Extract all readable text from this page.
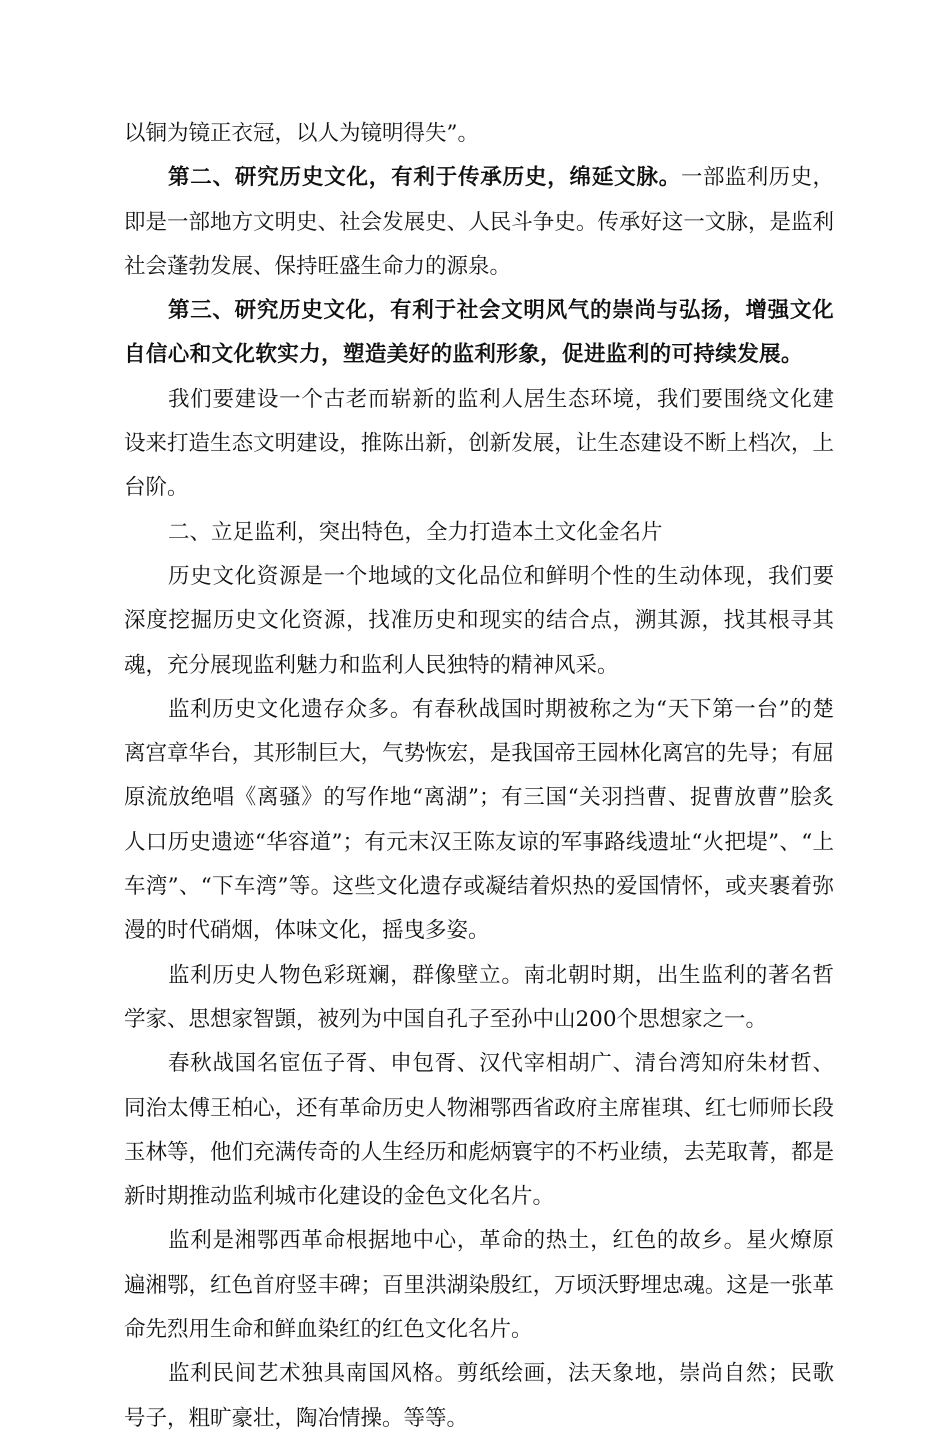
以铜为镜正衣冠，以人为镜明得失”。

第二、研究历史文化，有利于传承历史，绵延文脉。一部监利历史，即是一部地方文明史、社会发展史、人民斗争史。传承好这一文脉，是监利社会蓬勃发展、保持旺盛生命力的源泉。

第三、研究历史文化，有利于社会文明风气的崇尚与弘扬，增强文化自信心和文化软实力，塑造美好的监利形象，促进监利的可持续发展。

我们要建设一个古老而崭新的监利人居生态环境，我们要围绕文化建设来打造生态文明建设，推陈出新，创新发展，让生态建设不断上档次，上台阶。

二、立足监利，突出特色，全力打造本土文化金名片

历史文化资源是一个地域的文化品位和鲜明个性的生动体现，我们要深度挖掘历史文化资源，找准历史和现实的结合点，溯其源，找其根寻其魂，充分展现监利魅力和监利人民独特的精神风采。

监利历史文化遗存众多。有春秋战国时期被称之为“天下第一台”的楚离宫章华台，其形制巨大，气势恢宏，是我国帝王园林化离宫的先导；有屈原流放绝唱《离骚》的写作地“离湖”；有三国“关羽挡曹、捉曹放曹”脍炙人口历史遗迹“华容道”；有元末汉王陈友谅的军事路线遗址“火把堤”、“上车湾”、“下车湾”等。这些文化遗存或凝结着炽热的爱国情怀，或夹裹着弥漫的时代硝烟，体味文化，摇曳多姿。

监利历史人物色彩斑斓，群像壁立。南北朝时期，出生监利的著名哲学家、思想家智顗，被列为中国自孔子至孙中山200个思想家之一。

春秋战国名宦伍子胥、申包胥、汉代宰相胡广、清台湾知府朱材哲、同治太傅王柏心，还有革命历史人物湘鄂西省政府主席崔琪、红七师师长段玉林等，他们充满传奇的人生经历和彪炳寰宇的不朽业绩，去芜取菁，都是新时期推动监利城市化建设的金色文化名片。

监利是湘鄂西革命根据地中心，革命的热土，红色的故乡。星火燎原遍湘鄂，红色首府竖丰碑；百里洪湖染殷红，万顷沃野埋忠魂。这是一张革命先烈用生命和鲜血染红的红色文化名片。

监利民间艺术独具南国风格。剪纸绘画，法天象地，崇尚自然；民歌号子，粗旷豪壮，陶冶情操。等等。
